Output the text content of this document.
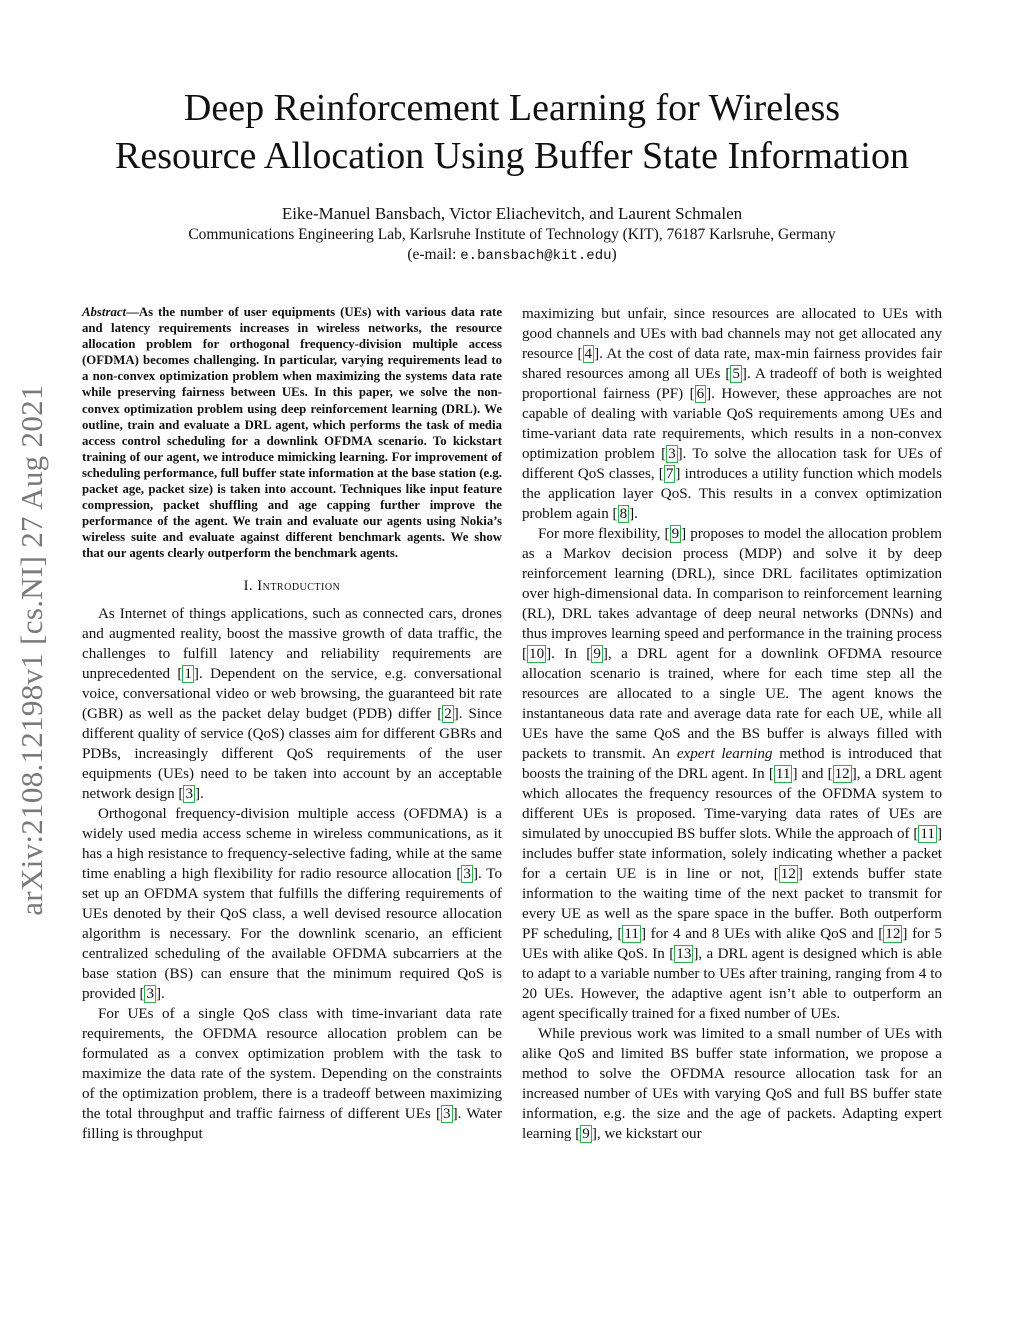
Deep Reinforcement Learning for Wireless
Resource Allocation Using Buffer State Information
Eike-Manuel Bansbach, Victor Eliachevitch, and Laurent Schmalen
Communications Engineering Lab, Karlsruhe Institute of Technology (KIT), 76187 Karlsruhe, Germany
(e-mail: e.bansbach@kit.edu)
arXiv:2108.12198v1 [cs.NI] 27 Aug 2021

Abstract—As the number of user equipments (UEs) with various data rate and latency requirements increases in wireless networks, the resource allocation problem for orthogonal frequency-division multiple access (OFDMA) becomes challenging. In particular, varying requirements lead to a non-convex optimization problem when maximizing the systems data rate while preserving fairness between UEs. In this paper, we solve the non-convex optimization problem using deep reinforcement learning (DRL). We outline, train and evaluate a DRL agent, which performs the task of media access control scheduling for a downlink OFDMA scenario. To kickstart training of our agent, we introduce mimicking learning. For improvement of scheduling performance, full buffer state information at the base station (e.g. packet age, packet size) is taken into account. Techniques like input feature compression, packet shuffling and age capping further improve the performance of the agent. We train and evaluate our agents using Nokia’s wireless suite and evaluate against different benchmark agents. We show that our agents clearly outperform the benchmark agents.

I. Introduction

As Internet of things applications, such as connected cars, drones and augmented reality, boost the massive growth of data traffic, the challenges to fulfill latency and reliability requirements are unprecedented [ 1 ]. Dependent on the service, e.g. conversational voice, conversational video or web browsing, the guaranteed bit rate (GBR) as well as the packet delay budget (PDB) differ [ 2 ]. Since different quality of service (QoS) classes aim for different GBRs and PDBs, increasingly different QoS requirements of the user equipments (UEs) need to be taken into account by an acceptable network design [ 3 ].

Orthogonal frequency-division multiple access (OFDMA) is a widely used media access scheme in wireless communications, as it has a high resistance to frequency-selective fading, while at the same time enabling a high flexibility for radio resource allocation [ 3 ]. To set up an OFDMA system that fulfills the differing requirements of UEs denoted by their QoS class, a well devised resource allocation algorithm is necessary. For the downlink scenario, an efficient centralized scheduling of the available OFDMA subcarriers at the base station (BS) can ensure that the minimum required QoS is provided [ 3 ].

For UEs of a single QoS class with time-invariant data rate requirements, the OFDMA resource allocation problem can be formulated as a convex optimization problem with the task to maximize the data rate of the system. Depending on the constraints of the optimization problem, there is a tradeoff between maximizing the total throughput and traffic fairness of different UEs [ 3 ]. Water filling is throughput

maximizing but unfair, since resources are allocated to UEs with good channels and UEs with bad channels may not get allocated any resource [ 4 ]. At the cost of data rate, max-min fairness provides fair shared resources among all UEs [ 5 ]. A tradeoff of both is weighted proportional fairness (PF) [ 6 ]. However, these approaches are not capable of dealing with variable QoS requirements among UEs and time-variant data rate requirements, which results in a non-convex optimization problem [ 3 ]. To solve the allocation task for UEs of different QoS classes, [ 7 ] introduces a utility function which models the application layer QoS. This results in a convex optimization problem again [ 8 ].

For more flexibility, [ 9 ] proposes to model the allocation problem as a Markov decision process (MDP) and solve it by deep reinforcement learning (DRL), since DRL facilitates optimization over high-dimensional data. In comparison to reinforcement learning (RL), DRL takes advantage of deep neural networks (DNNs) and thus improves learning speed and performance in the training process [ 10 ]. In [ 9 ], a DRL agent for a downlink OFDMA resource allocation scenario is trained, where for each time step all the resources are allocated to a single UE. The agent knows the instantaneous data rate and average data rate for each UE, while all UEs have the same QoS and the BS buffer is always filled with packets to transmit. An expert learning method is introduced that boosts the training of the DRL agent. In [ 11 ] and [ 12 ], a DRL agent which allocates the frequency resources of the OFDMA system to different UEs is proposed. Time-varying data rates of UEs are simulated by unoccupied BS buffer slots. While the approach of [ 11 ] includes buffer state information, solely indicating whether a packet for a certain UE is in line or not, [ 12 ] extends buffer state information to the waiting time of the next packet to transmit for every UE as well as the spare space in the buffer. Both outperform PF scheduling, [ 11 ] for 4 and 8 UEs with alike QoS and [ 12 ] for 5 UEs with alike QoS. In [ 13 ], a DRL agent is designed which is able to adapt to a variable number to UEs after training, ranging from 4 to 20 UEs. However, the adaptive agent isn’t able to outperform an agent specifically trained for a fixed number of UEs.

While previous work was limited to a small number of UEs with alike QoS and limited BS buffer state information, we propose a method to solve the OFDMA resource allocation task for an increased number of UEs with varying QoS and full BS buffer state information, e.g. the size and the age of packets. Adapting expert learning [ 9 ], we kickstart our
